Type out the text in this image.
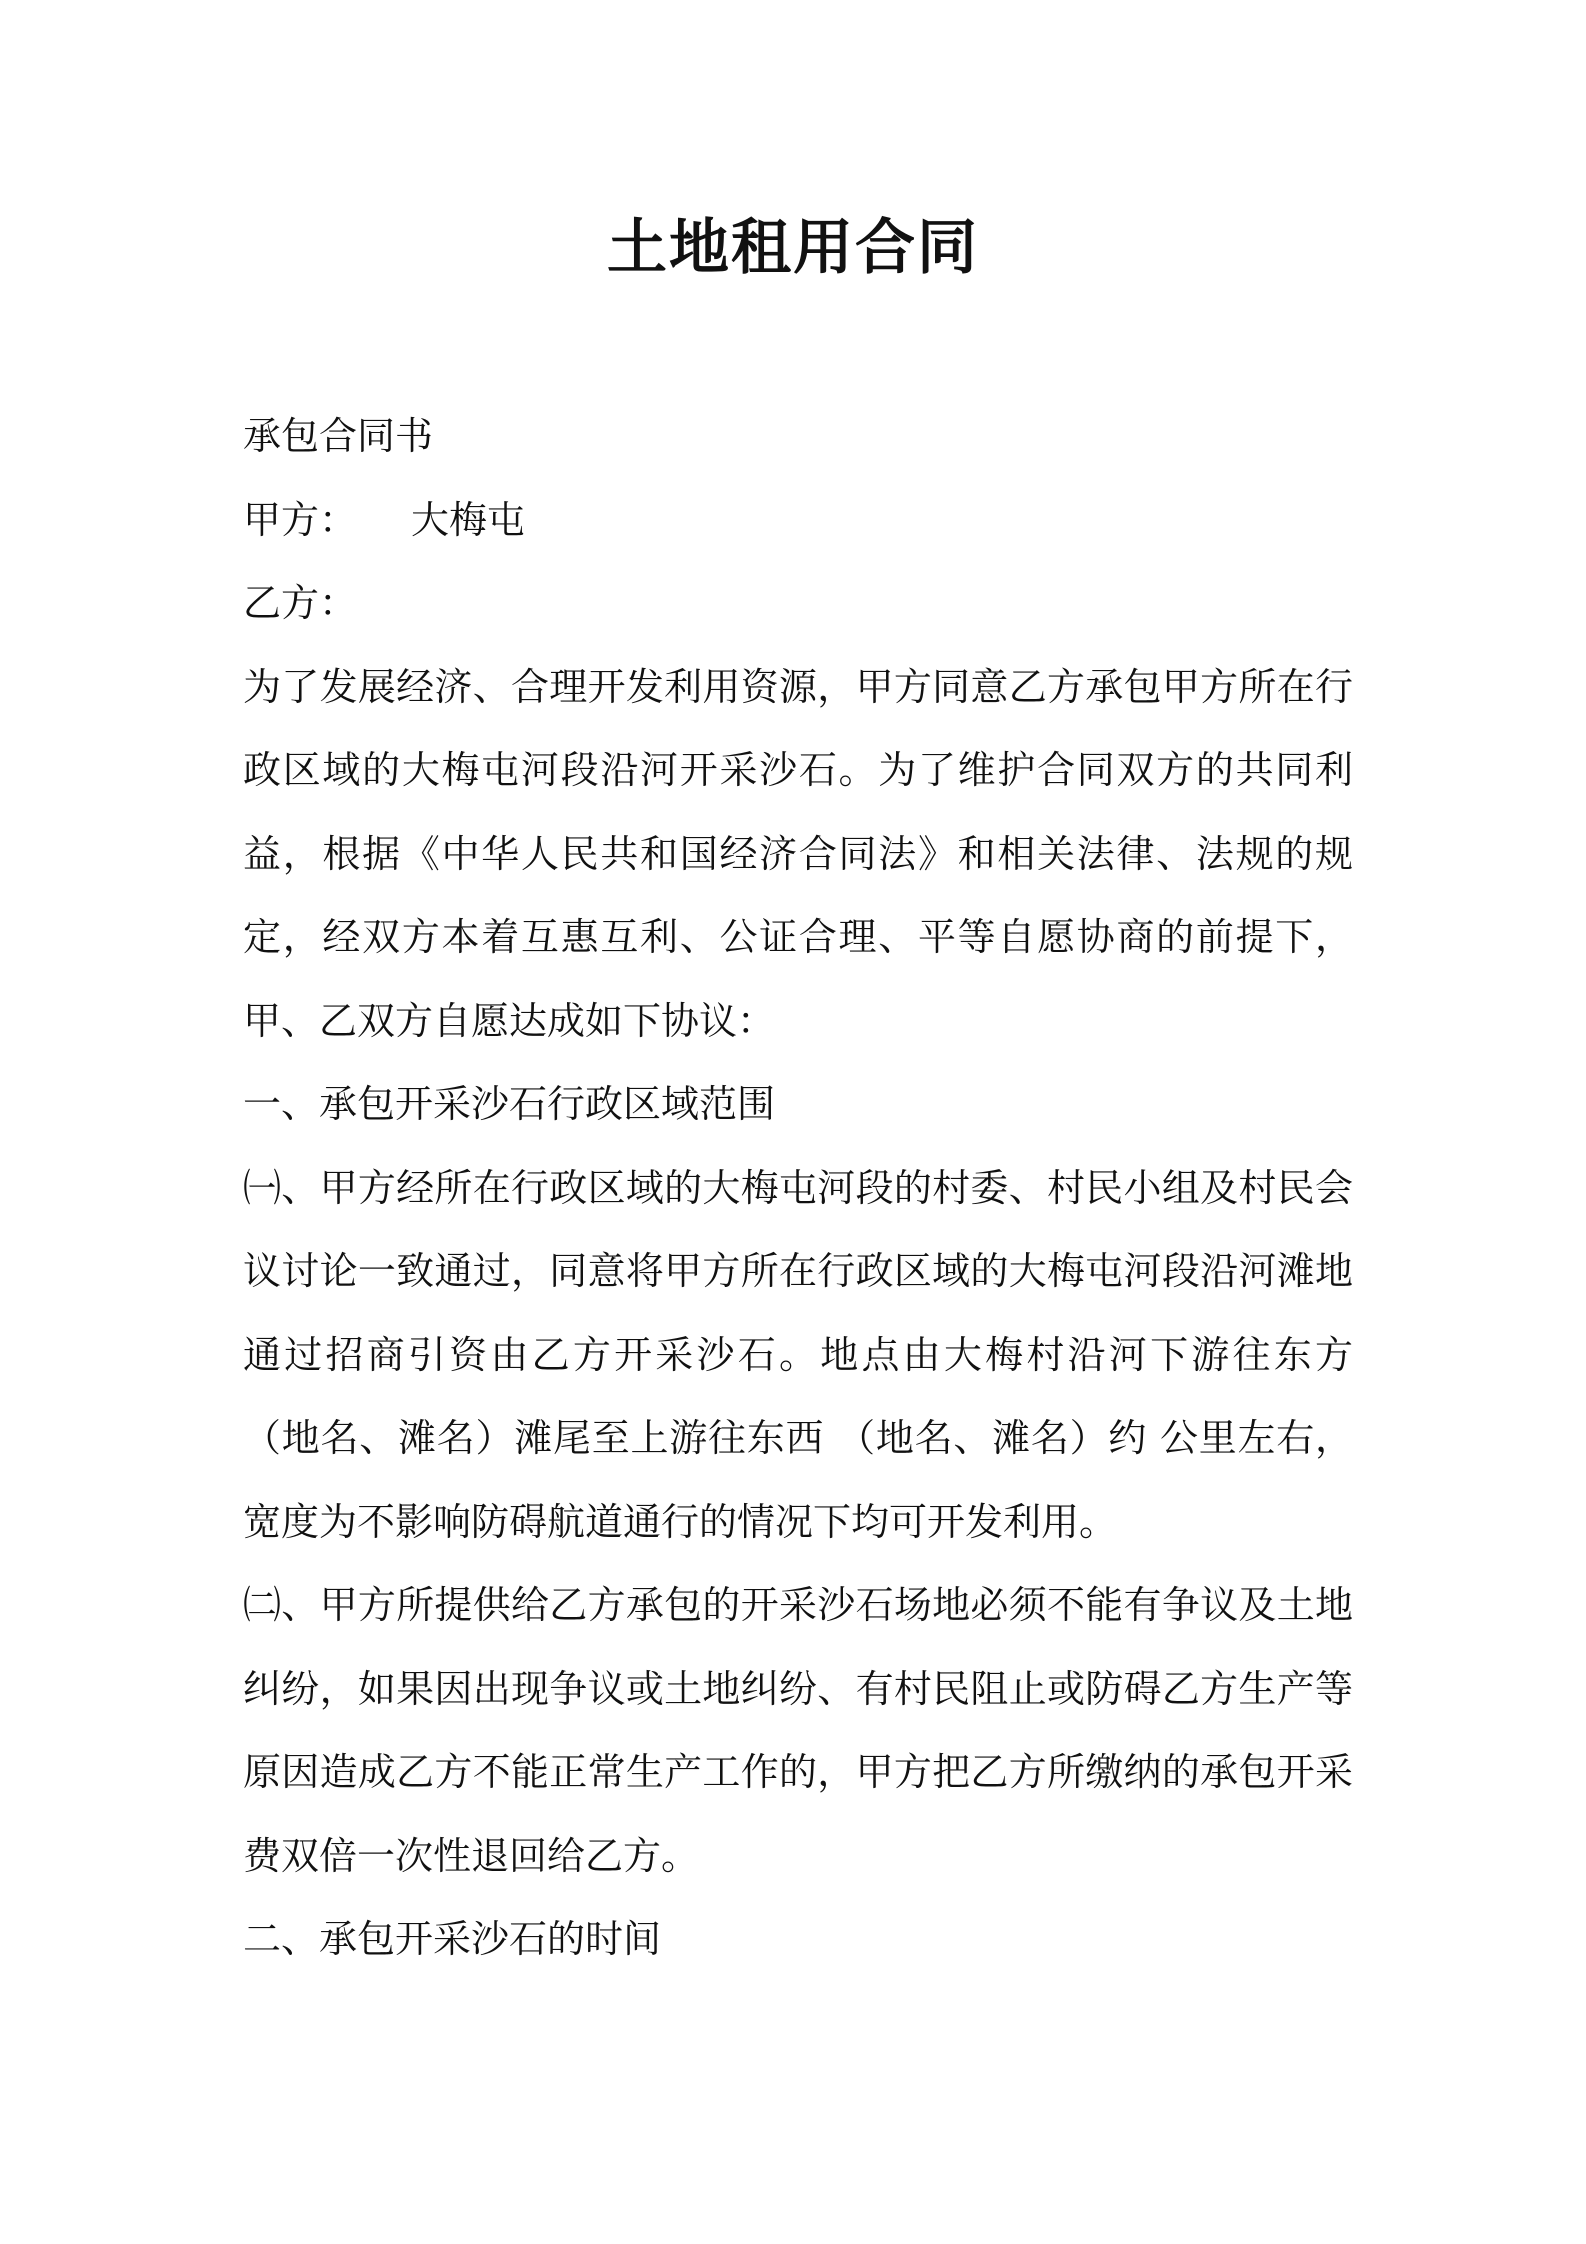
土地租用合同
承包合同书
甲方： 大梅屯
乙方：
为了发展经济、合理开发利用资源，甲方同意乙方承包甲方所在行政区域的大梅屯河段沿河开采沙石。为了维护合同双方的共同利益，根据《中华人民共和国经济合同法》和相关法律、法规的规定，经双方本着互惠互利、公证合理、平等自愿协商的前提下，甲、乙双方自愿达成如下协议：
一、承包开采沙石行政区域范围
㈠、甲方经所在行政区域的大梅屯河段的村委、村民小组及村民会议讨论一致通过，同意将甲方所在行政区域的大梅屯河段沿河滩地通过招商引资由乙方开采沙石。地点由大梅村沿河下游往东方 （地名、滩名）滩尾至上游往东西 （地名、滩名）约 公里左右，宽度为不影响防碍航道通行的情况下均可开发利用。
㈡、甲方所提供给乙方承包的开采沙石场地必须不能有争议及土地纠纷，如果因出现争议或土地纠纷、有村民阻止或防碍乙方生产等原因造成乙方不能正常生产工作的，甲方把乙方所缴纳的承包开采费双倍一次性退回给乙方。
二、承包开采沙石的时间
